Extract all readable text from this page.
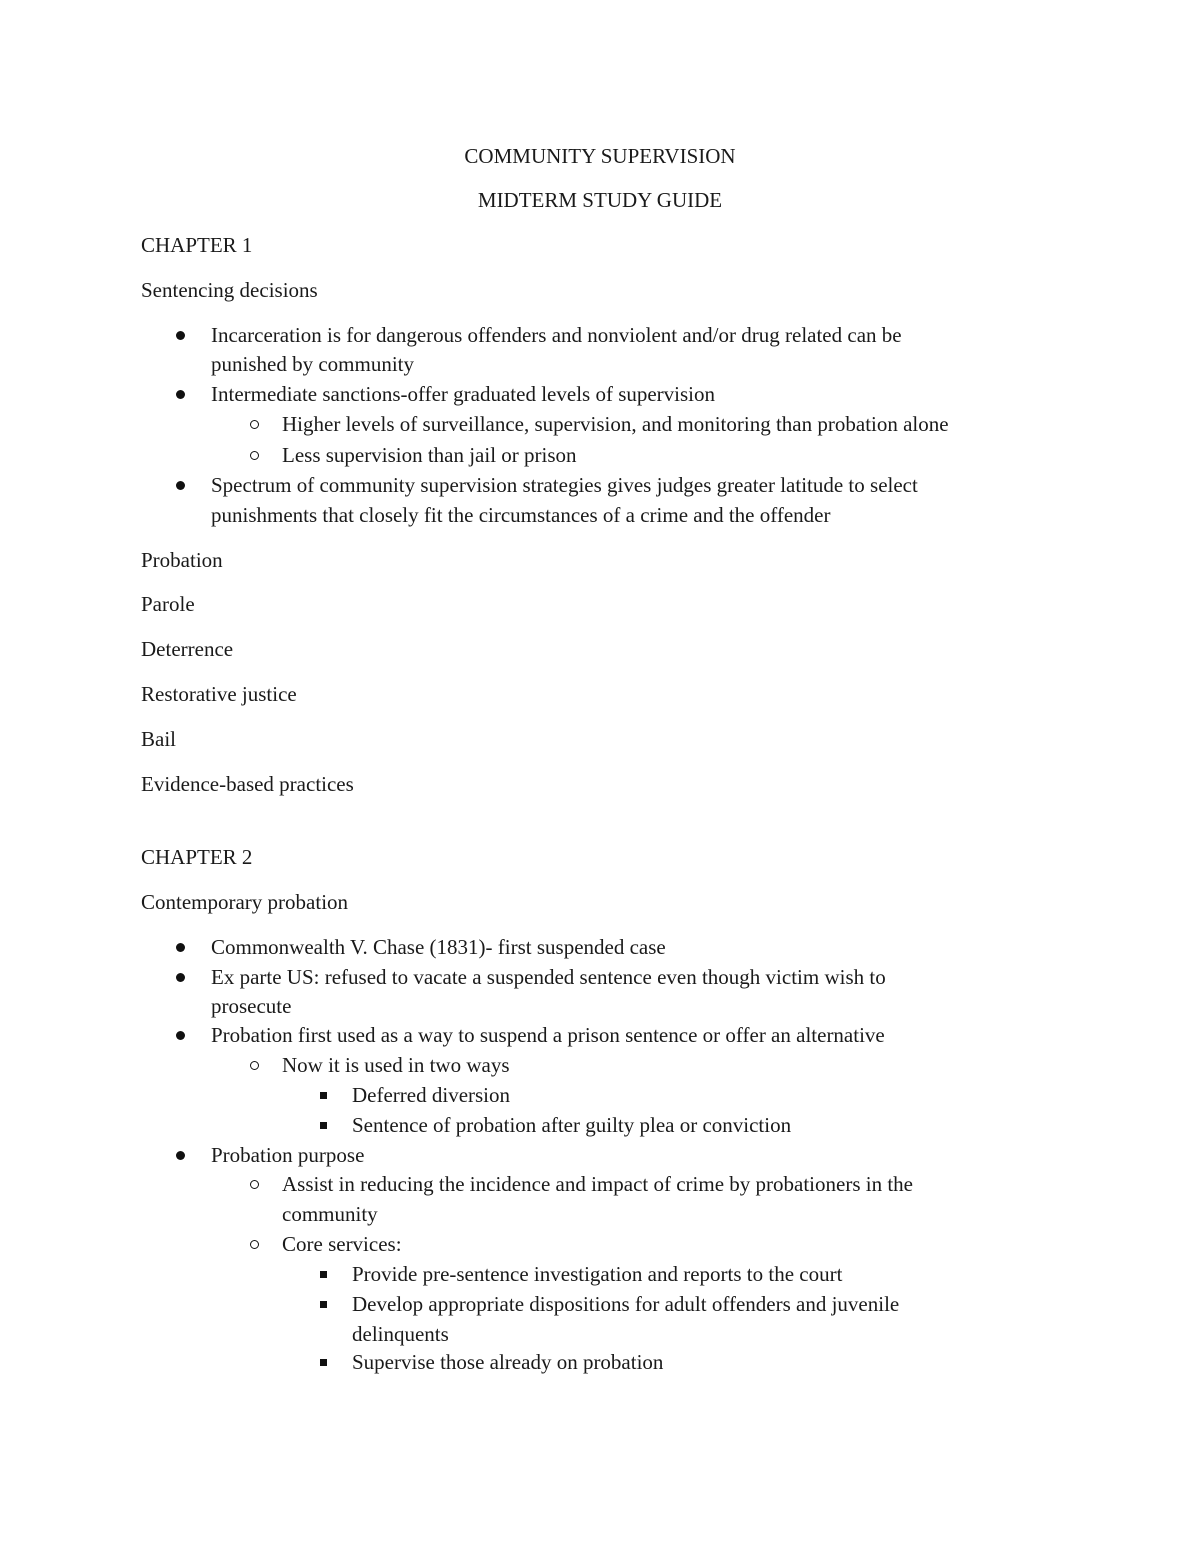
COMMUNITY SUPERVISION
MIDTERM STUDY GUIDE
CHAPTER 1
Sentencing decisions
Incarceration is for dangerous offenders and nonviolent and/or drug related can be
punished by community
Intermediate sanctions-offer graduated levels of supervision
Higher levels of surveillance, supervision, and monitoring than probation alone
Less supervision than jail or prison
Spectrum of community supervision strategies gives judges greater latitude to select
punishments that closely fit the circumstances of a crime and the offender
Probation
Parole
Deterrence
Restorative justice
Bail
Evidence-based practices
CHAPTER 2
Contemporary probation
Commonwealth V. Chase (1831)- first suspended case
Ex parte US: refused to vacate a suspended sentence even though victim wish to
prosecute
Probation first used as a way to suspend a prison sentence or offer an alternative
Now it is used in two ways
Deferred diversion
Sentence of probation after guilty plea or conviction
Probation purpose
Assist in reducing the incidence and impact of crime by probationers in the
community
Core services:
Provide pre-sentence investigation and reports to the court
Develop appropriate dispositions for adult offenders and juvenile
delinquents
Supervise those already on probation
